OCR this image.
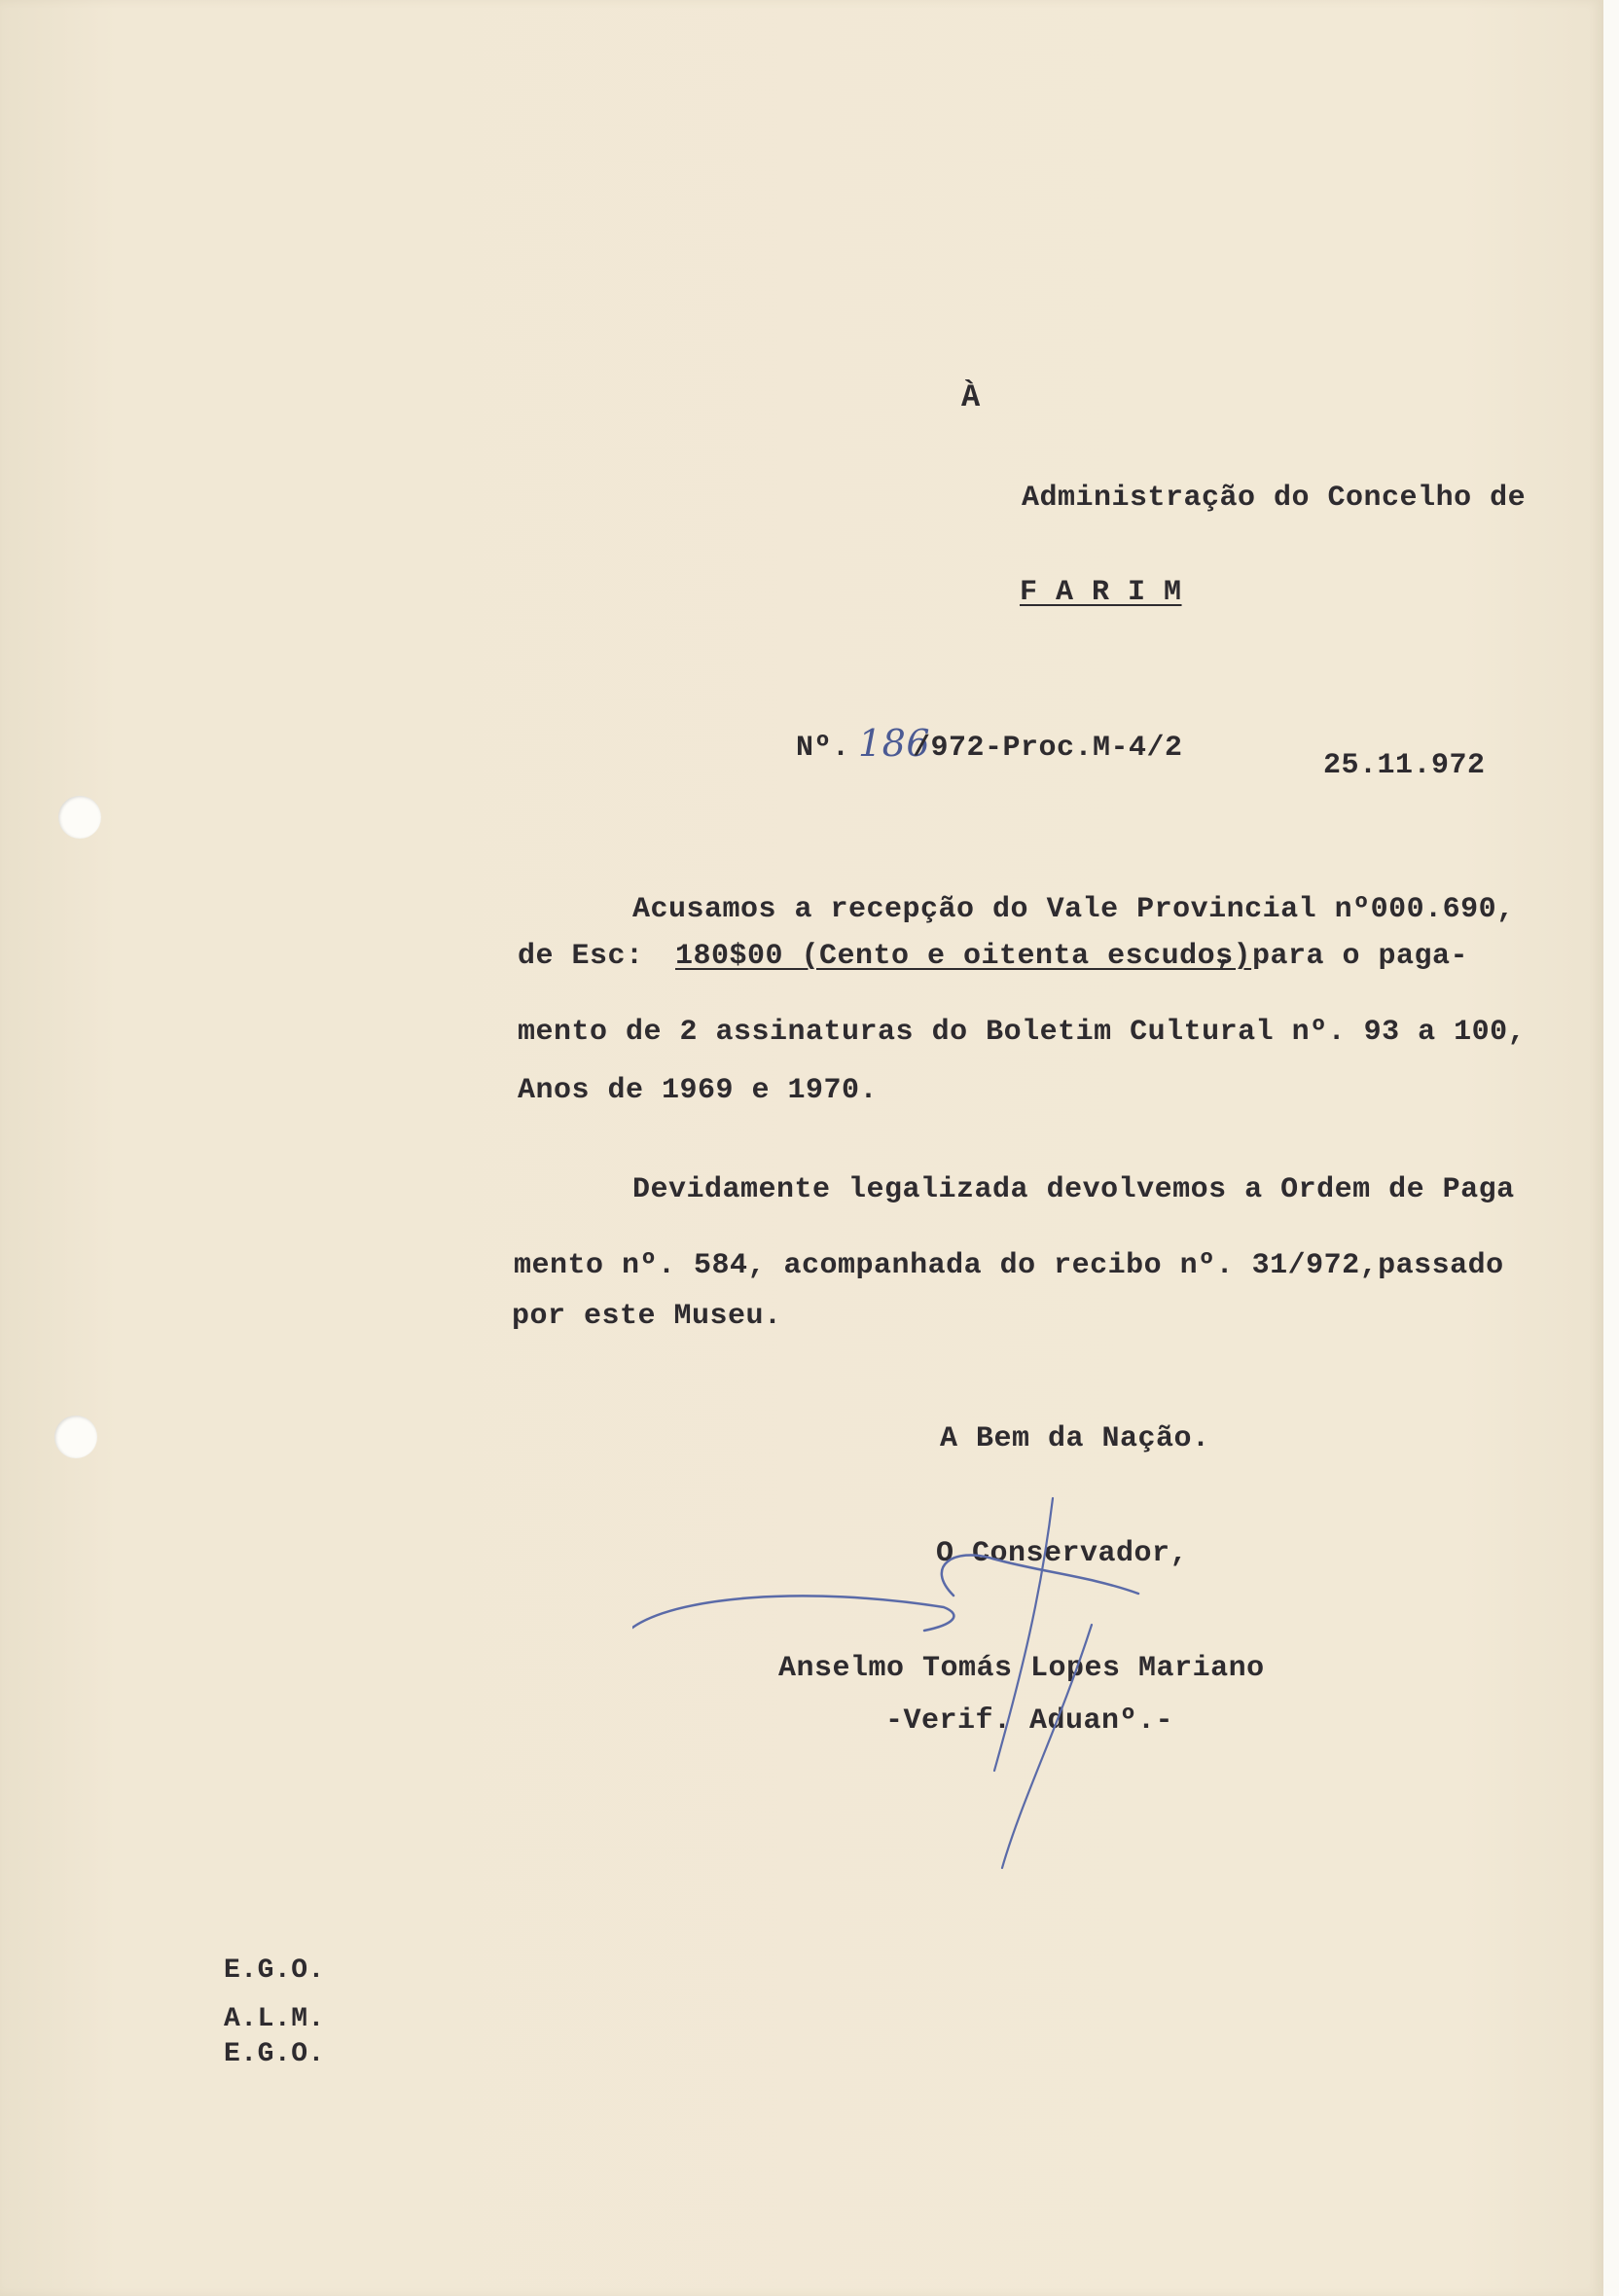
À
Administração do Concelho de
F A R I M
Nº. 186
/972-Proc.M-4/2
25.11.972
Acusamos a recepção do Vale Provincial nº000.690,
de Esc: 180$00 (Cento e oitenta escudos)
, para o paga-
mento de 2 assinaturas do Boletim Cultural nº. 93 a 100,
Anos de 1969 e 1970.
Devidamente legalizada devolvemos a Ordem de Paga
mento nº. 584, acompanhada do recibo nº. 31/972,passado
por este Museu.
A Bem da Nação.
O Conservador,
Anselmo Tomás Lopes Mariano
-Verif. Aduanº.-
E.G.O.
A.L.M.
E.G.O.
